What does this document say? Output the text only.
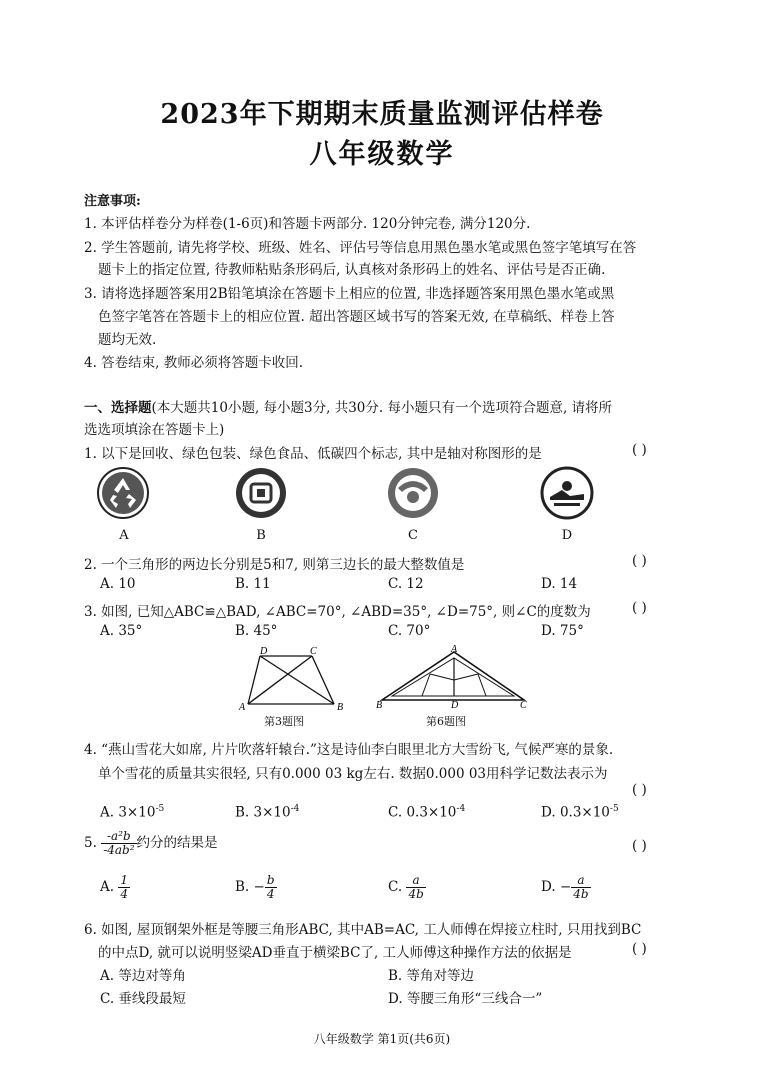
2023年下期期末质量监测评估样卷
八年级数学
注意事项:
1. 本评估样卷分为样卷(1-6页)和答题卡两部分. 120分钟完卷, 满分120分.
2. 学生答题前, 请先将学校、班级、姓名、评估号等信息用黑色墨水笔或黑色签字笔填写在答
题卡上的指定位置, 待教师粘贴条形码后, 认真核对条形码上的姓名、评估号是否正确.
3. 请将选择题答案用2B铅笔填涂在答题卡上相应的位置, 非选择题答案用黑色墨水笔或黑
色签字笔答在答题卡上的相应位置. 超出答题区域书写的答案无效, 在草稿纸、样卷上答
题均无效.
4. 答卷结束, 教师必须将答题卡收回.
一、选择题(本大题共10小题, 每小题3分, 共30分. 每小题只有一个选项符合题意, 请将所
选选项填涂在答题卡上)
1. 以下是回收、绿色包装、绿色食品、低碳四个标志, 其中是轴对称图形的是	( )
A	B	C	D
2. 一个三角形的两边长分别是5和7, 则第三边长的最大整数值是	( )
A. 10	B. 11	C. 12	D. 14
3. 如图, 已知△ABC≌△BAD, ∠ABC=70°, ∠ABD=35°, ∠D=75°, 则∠C的度数为	( )
A. 35°	B. 45°	C. 70°	D. 75°
D	C
A	B
第3题图
A
B	D	C
第6题图
4. “燕山雪花大如席, 片片吹落轩辕台.”这是诗仙李白眼里北方大雪纷飞, 气候严寒的景象.
单个雪花的质量其实很轻, 只有0.000 03 kg左右. 数据0.000 03用科学记数法表示为
( )
A. $3\times 10^{-5}$	B. $3\times 10^{-4}$	C. $0.3\times 10^{-4}$	D. $0.3\times 10^{-5}$
5. $\frac{\text{-a²b}}{\text{-4ab²}}$ 约分的结果是	( )
A. $\frac{1}{4}$	B. − $\frac{b}{4}$	C. $\frac{a}{4b}$	D. − $\frac{a}{4b}$
6. 如图, 屋顶钢架外框是等腰三角形ABC, 其中AB=AC, 工人师傅在焊接立柱时, 只用找到BC
的中点D, 就可以说明竖梁AD垂直于横梁BC了, 工人师傅这种操作方法的依据是	( )
A. 等边对等角	B. 等角对等边
C. 垂线段最短	D. 等腰三角形“三线合一”
八年级数学 第1页(共6页)
